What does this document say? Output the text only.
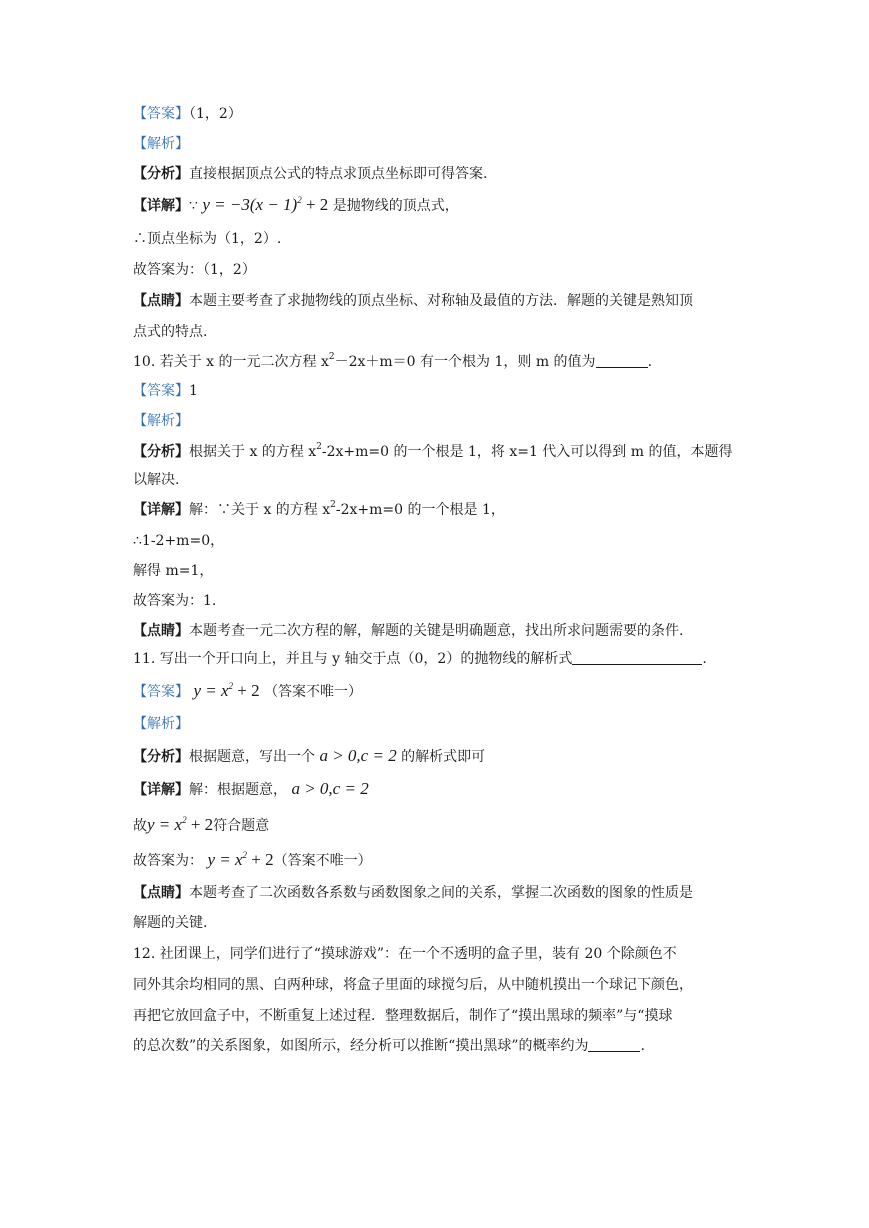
【答案】（1，2）
【解析】
【分析】直接根据顶点公式的特点求顶点坐标即可得答案.
【详解】∵ $y = -3(x - 1)^2 + 2$ 是抛物线的顶点式，
∴顶点坐标为（1，2）.
故答案为：（1，2）
【点睛】本题主要考查了求抛物线的顶点坐标、对称轴及最值的方法．解题的关键是熟知顶
点式的特点.
10. 若关于 x 的一元二次方程 $x^2-2x+m=0$ 有一个根为 1，则 m 的值为	.
【答案】1
【解析】
【分析】根据关于 x 的方程 $x^2-2x+m=0$ 的一个根是 1，将 x=1 代入可以得到 m 的值，本题得
以解决.
【详解】解：∵关于 x 的方程 $x^2-2x+m=0$ 的一个根是 1，
∴1-2+m=0，
解得 m=1，
故答案为：1.
【点睛】本题考查一元二次方程的解，解题的关键是明确题意，找出所求问题需要的条件.
11. 写出一个开口向上，并且与 y 轴交于点（0，2）的抛物线的解析式	.
【答案】 $y = x^2 + 2$ （答案不唯一）
【解析】
【分析】根据题意，写出一个 a > 0,c = 2 的解析式即可
【详解】解：根据题意， a > 0,c = 2
故$y = x^2 + 2$符合题意
故答案为： $y = x^2 + 2$（答案不唯一）
【点睛】本题考查了二次函数各系数与函数图象之间的关系，掌握二次函数的图象的性质是
解题的关键.
12. 社团课上，同学们进行了“摸球游戏”：在一个不透明的盒子里，装有 20 个除颜色不
同外其余均相同的黑、白两种球，将盒子里面的球搅匀后，从中随机摸出一个球记下颜色，
再把它放回盒子中，不断重复上述过程．整理数据后，制作了“摸出黑球的频率”与“摸球
的总次数”的关系图象，如图所示，经分析可以推断“摸出黑球”的概率约为	.
